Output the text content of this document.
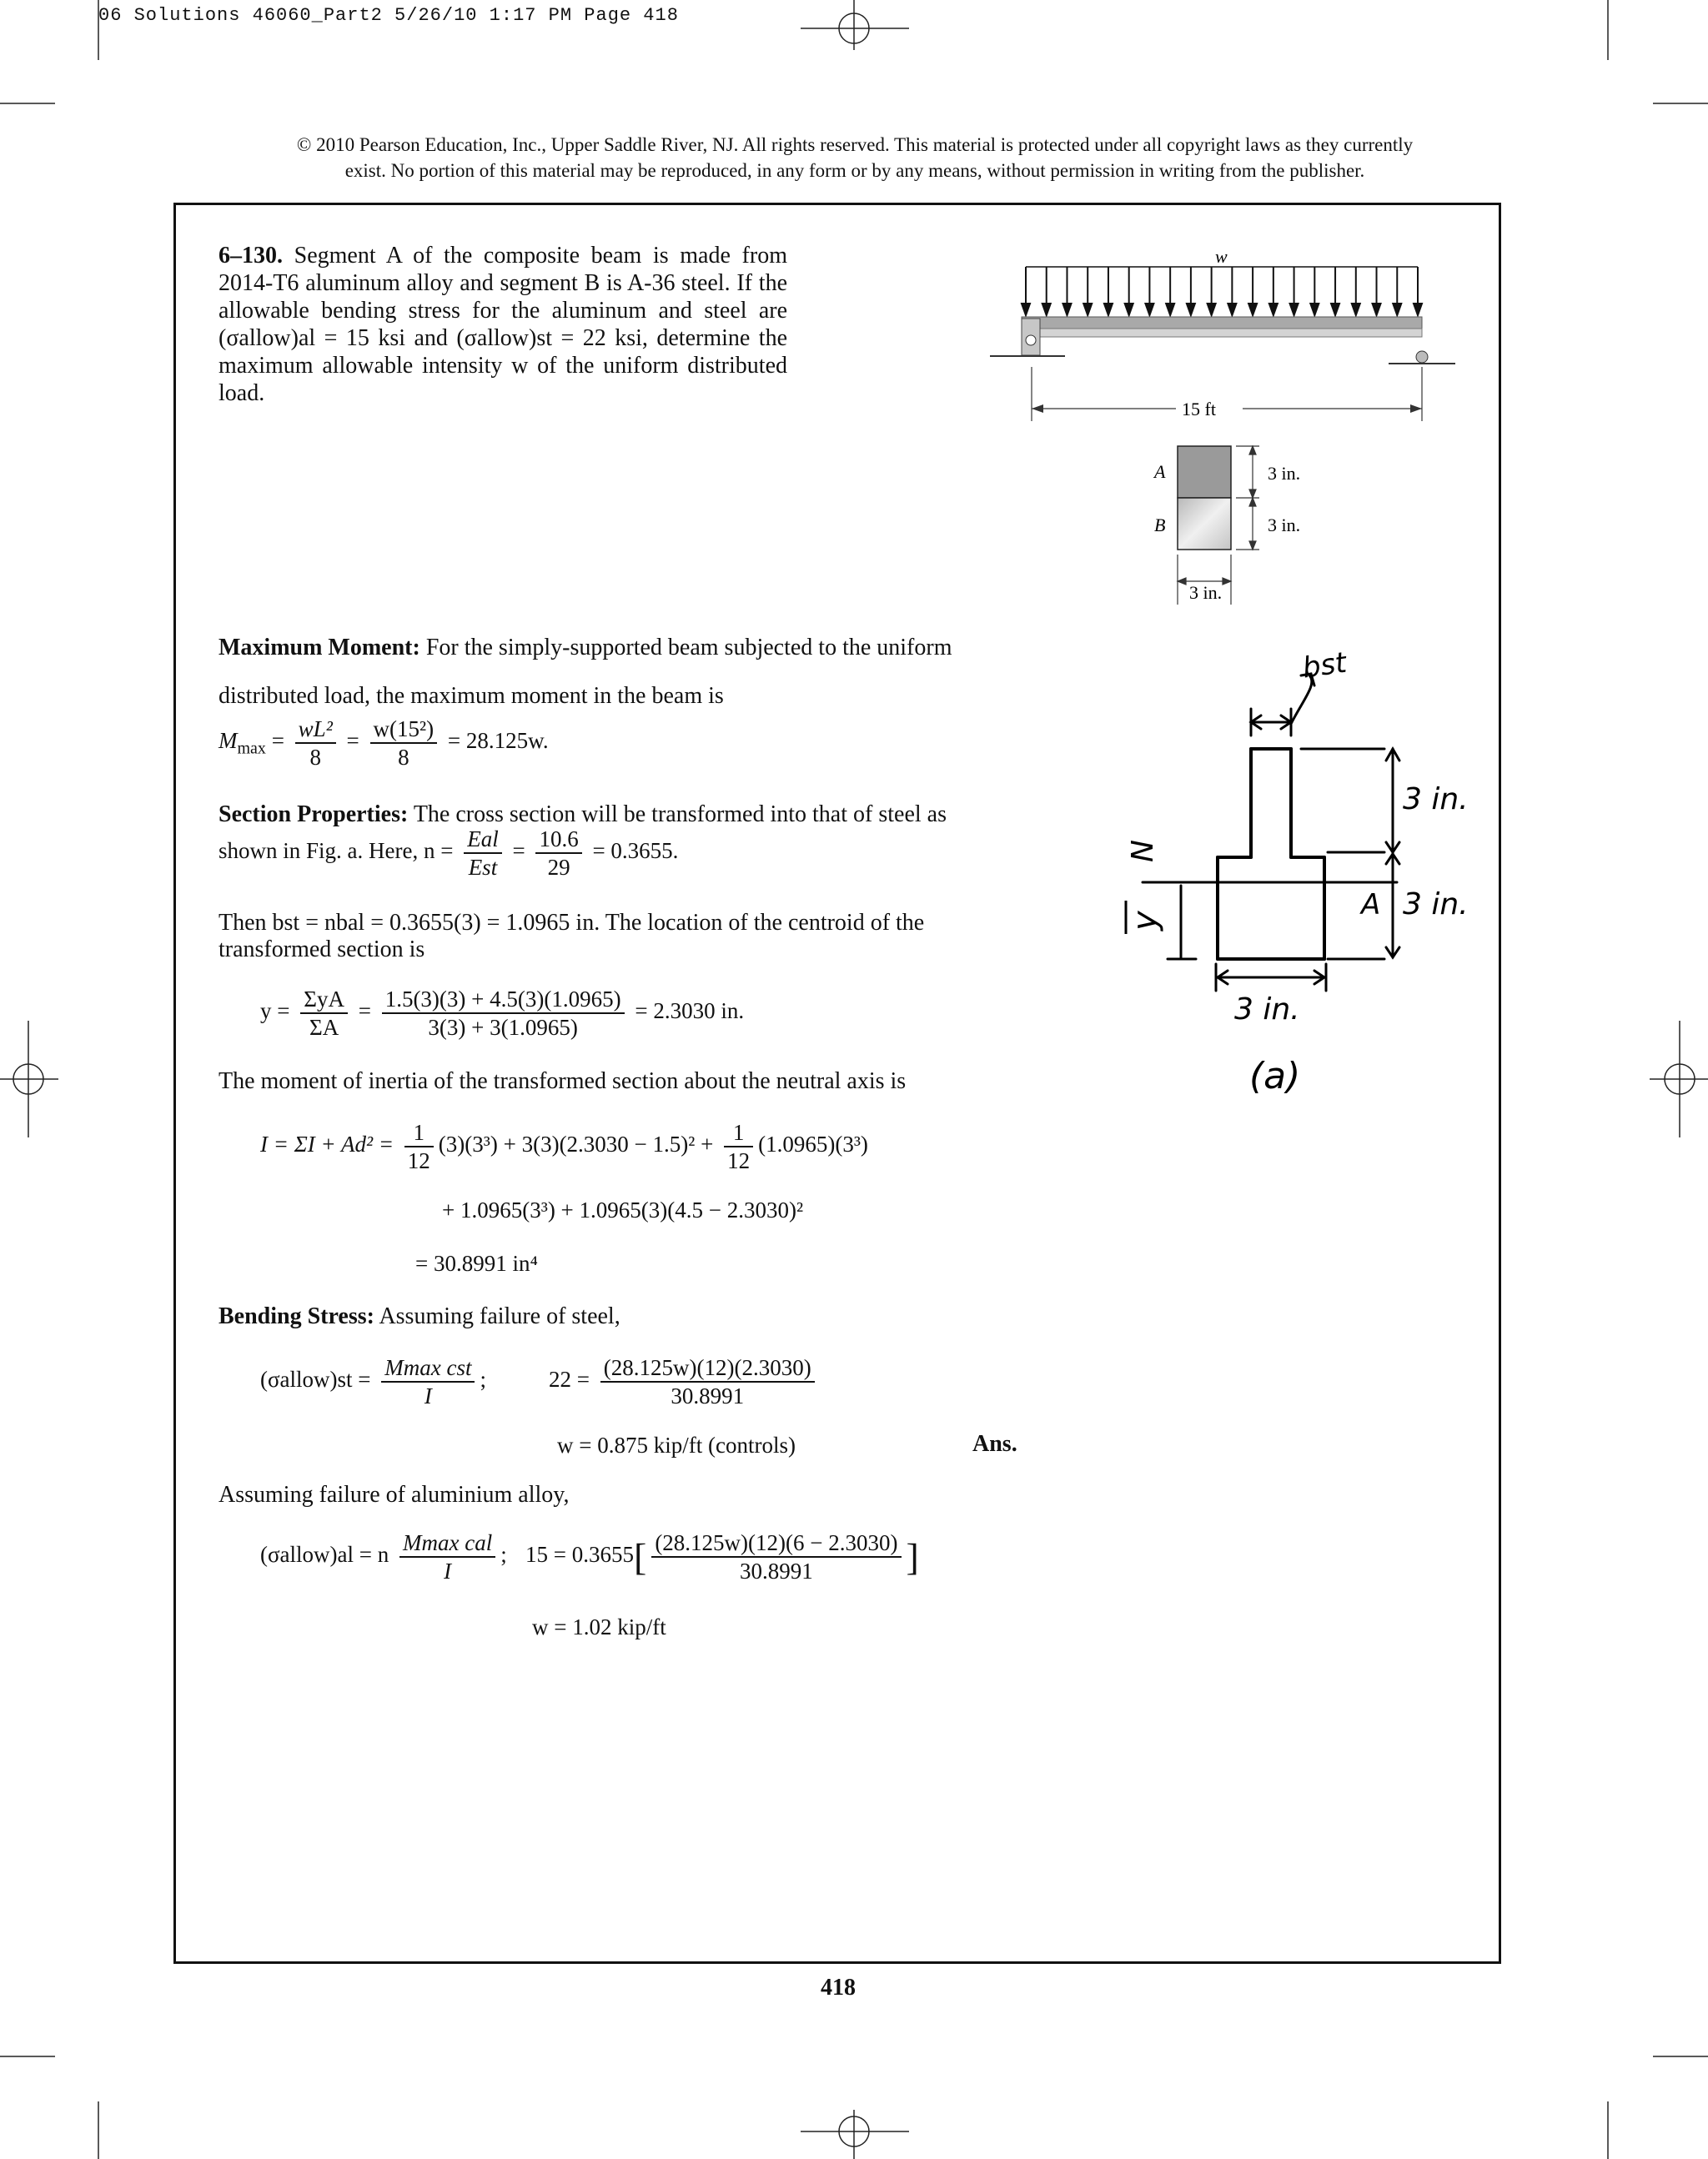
06 Solutions 46060_Part2 5/26/10 1:17 PM Page 418
© 2010 Pearson Education, Inc., Upper Saddle River, NJ. All rights reserved. This material is protected under all copyright laws as they currently
exist. No portion of this material may be reproduced, in any form or by any means, without permission in writing from the publisher.
6–130. Segment A of the composite beam is made from 2014-T6 aluminum alloy and segment B is A-36 steel. If the allowable bending stress for the aluminum and steel are (σallow)al = 15 ksi and (σallow)st = 22 ksi, determine the maximum allowable intensity w of the uniform distributed load.
w
15 ft
A
B
3 in.
3 in.
3 in.
bst
3 in.
N
A 3 in.
y
3 in.
(a)
Maximum Moment: For the simply-supported beam subjected to the uniform
distributed load, the maximum moment in the beam is
$M_{max} = \frac{\text{wL²}}{8} = \frac{\text{w(15²)}}{8} = 28.125w$.
Section Properties: The cross section will be transformed into that of steel as
shown in Fig. a. Here, $n = \frac{\text{Eal}}{\text{Est}} = \frac{10.6}{29} = 0.3655$.
Then bst = nbal = 0.3655(3) = 1.0965 in. The location of the centroid of the
transformed section is
$y = \frac{\text{ΣyA}}{\Sigma A} = \frac{1.5(3)(3) + 4.5(3)(1.0965)}{3(3) + 3(1.0965)} = 2.3030$ in.
The moment of inertia of the transformed section about the neutral axis is
$I = \Sigma I + Ad^2 = \frac{1}{12} (3)(3^3) + 3(3)(2.3030 - 1.5)^2 + \frac{1}{12} (1.0965)(3^3)$
+ 1.0965(3³) + 1.0965(3)(4.5 − 2.3030)²
= 30.8991 in⁴
Bending Stress: Assuming failure of steel,
(σallow)st = $\frac{\text{Mmax cst}}{I}$ ;	$22 = \frac{(28.125w)(12)(2.3030)}{30.8991}$
w = 0.875 kip/ft (controls)	Ans.
Assuming failure of aluminium alloy,
(σallow)al = n $\frac{\text{Mmax cal}}{I}$ ; $15 = 0.3655[ \frac{(28.125w)(12)(6 - 2.3030)}{30.8991}$ ]
w = 1.02 kip/ft
418
